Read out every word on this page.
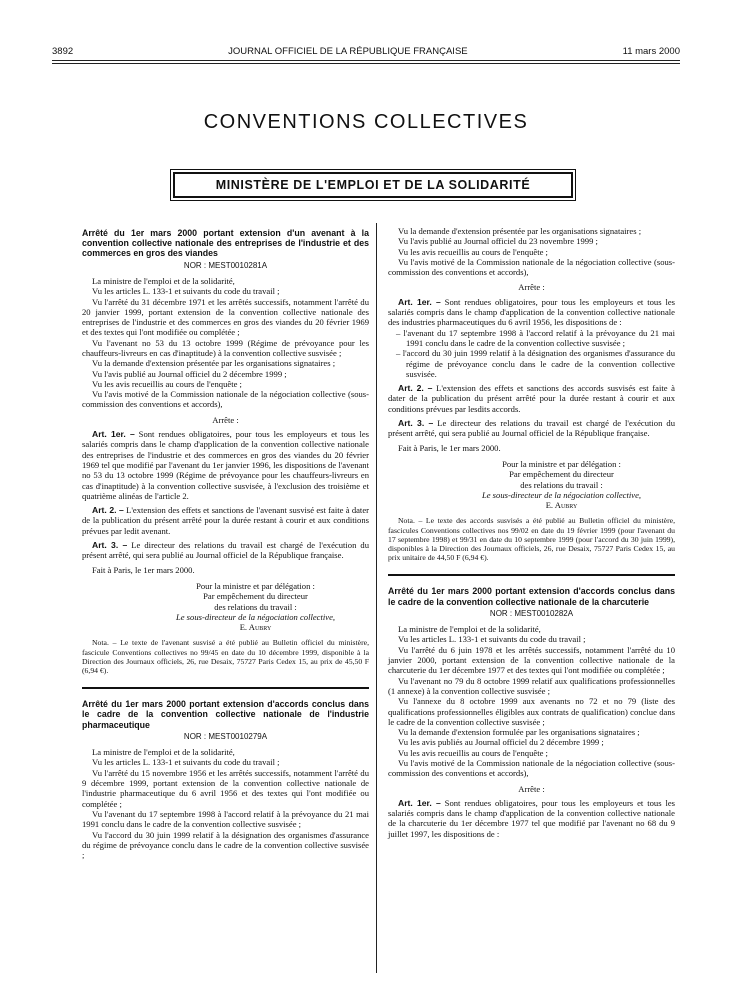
3892	JOURNAL OFFICIEL DE LA RÉPUBLIQUE FRANÇAISE	11 mars 2000
CONVENTIONS COLLECTIVES
MINISTÈRE DE L'EMPLOI ET DE LA SOLIDARITÉ
Arrêté du 1er mars 2000 portant extension d'un avenant à la convention collective nationale des entreprises de l'industrie et des commerces en gros des viandes
NOR : MEST0010281A

La ministre de l'emploi et de la solidarité,

Vu les articles L. 133-1 et suivants du code du travail ;

Vu l'arrêté du 31 décembre 1971 et les arrêtés successifs, notamment l'arrêté du 20 janvier 1999, portant extension de la convention collective nationale des entreprises de l'industrie et des commerces en gros des viandes du 20 février 1969 et des textes qui l'ont modifiée ou complétée ;

Vu l'avenant no 53 du 13 octobre 1999 (Régime de prévoyance pour les chauffeurs-livreurs en cas d'inaptitude) à la convention collective susvisée ;

Vu la demande d'extension présentée par les organisations signataires ;

Vu l'avis publié au Journal officiel du 2 décembre 1999 ;

Vu les avis recueillis au cours de l'enquête ;

Vu l'avis motivé de la Commission nationale de la négociation collective (sous-commission des conventions et accords),

Arrête :

Art. 1er. – Sont rendues obligatoires, pour tous les employeurs et tous les salariés compris dans le champ d'application de la convention collective nationale des entreprises de l'industrie et des commerces en gros des viandes du 20 février 1969 tel que modifié par l'avenant du 1er janvier 1996, les dispositions de l'avenant no 53 du 13 octobre 1999 (Régime de prévoyance pour les chauffeurs-livreurs en cas d'inaptitude) à la convention collective susvisée, à l'exclusion des troisième et quatrième alinéas de l'article 2.

Art. 2. – L'extension des effets et sanctions de l'avenant susvisé est faite à dater de la publication du présent arrêté pour la durée restant à courir et aux conditions prévues par ledit avenant.

Art. 3. – Le directeur des relations du travail est chargé de l'exécution du présent arrêté, qui sera publié au Journal officiel de la République française.

Fait à Paris, le 1er mars 2000.

Pour la ministre et par délégation :

Par empêchement du directeur

des relations du travail :

Le sous-directeur de la négociation collective,

E. Aubry

Nota. – Le texte de l'avenant susvisé a été publié au Bulletin officiel du ministère, fascicule Conventions collectives no 99/45 en date du 10 décembre 1999, disponible à la Direction des Journaux officiels, 26, rue Desaix, 75727 Paris Cedex 15, au prix de 45,50 F (6,94 €).

Arrêté du 1er mars 2000 portant extension d'accords conclus dans le cadre de la convention collective nationale de l'industrie pharmaceutique
NOR : MEST0010279A

La ministre de l'emploi et de la solidarité,

Vu les articles L. 133-1 et suivants du code du travail ;

Vu l'arrêté du 15 novembre 1956 et les arrêtés successifs, notamment l'arrêté du 9 décembre 1999, portant extension de la convention collective nationale de l'industrie pharmaceutique du 6 avril 1956 et des textes qui l'ont modifiée ou complétée ;

Vu l'avenant du 17 septembre 1998 à l'accord relatif à la prévoyance du 21 mai 1991 conclu dans le cadre de la convention collective susvisée ;

Vu l'accord du 30 juin 1999 relatif à la désignation des organismes d'assurance du régime de prévoyance conclu dans le cadre de la convention collective susvisée ;

Vu la demande d'extension présentée par les organisations signataires ;

Vu l'avis publié au Journal officiel du 23 novembre 1999 ;

Vu les avis recueillis au cours de l'enquête ;

Vu l'avis motivé de la Commission nationale de la négociation collective (sous-commission des conventions et accords),

Arrête :

Art. 1er. – Sont rendues obligatoires, pour tous les employeurs et tous les salariés compris dans le champ d'application de la convention collective nationale des industries pharmaceutiques du 6 avril 1956, les dispositions de :

– l'avenant du 17 septembre 1998 à l'accord relatif à la prévoyance du 21 mai 1991 conclu dans le cadre de la convention collective susvisée ;

– l'accord du 30 juin 1999 relatif à la désignation des organismes d'assurance du régime de prévoyance conclu dans le cadre de la convention collective susvisée.

Art. 2. – L'extension des effets et sanctions des accords susvisés est faite à dater de la publication du présent arrêté pour la durée restant à courir et aux conditions prévues par lesdits accords.

Art. 3. – Le directeur des relations du travail est chargé de l'exécution du présent arrêté, qui sera publié au Journal officiel de la République française.

Fait à Paris, le 1er mars 2000.

Pour la ministre et par délégation :

Par empêchement du directeur

des relations du travail :

Le sous-directeur de la négociation collective,

E. Aubry

Nota. – Le texte des accords susvisés a été publié au Bulletin officiel du ministère, fascicules Conventions collectives nos 99/02 en date du 19 février 1999 (pour l'avenant du 17 septembre 1998) et 99/31 en date du 10 septembre 1999 (pour l'accord du 30 juin 1999), disponibles à la Direction des Journaux officiels, 26, rue Desaix, 75727 Paris Cedex 15, au prix unitaire de 44,50 F (6,94 €).

Arrêté du 1er mars 2000 portant extension d'accords conclus dans le cadre de la convention collective nationale de la charcuterie
NOR : MEST0010282A

La ministre de l'emploi et de la solidarité,

Vu les articles L. 133-1 et suivants du code du travail ;

Vu l'arrêté du 6 juin 1978 et les arrêtés successifs, notamment l'arrêté du 10 janvier 2000, portant extension de la convention collective nationale de la charcuterie du 1er décembre 1977 et des textes qui l'ont modifiée ou complétée ;

Vu l'avenant no 79 du 8 octobre 1999 relatif aux qualifications professionnelles (1 annexe) à la convention collective susvisée ;

Vu l'annexe du 8 octobre 1999 aux avenants no 72 et no 79 (liste des qualifications professionnelles éligibles aux contrats de qualification) conclue dans le cadre de la convention collective susvisée ;

Vu la demande d'extension formulée par les organisations signataires ;

Vu les avis publiés au Journal officiel du 2 décembre 1999 ;

Vu les avis recueillis au cours de l'enquête ;

Vu l'avis motivé de la Commission nationale de la négociation collective (sous-commission des conventions et accords),

Arrête :

Art. 1er. – Sont rendues obligatoires, pour tous les employeurs et tous les salariés compris dans le champ d'application de la convention collective nationale de la charcuterie du 1er décembre 1977 tel que modifié par l'avenant no 68 du 9 juillet 1997, les dispositions de :
